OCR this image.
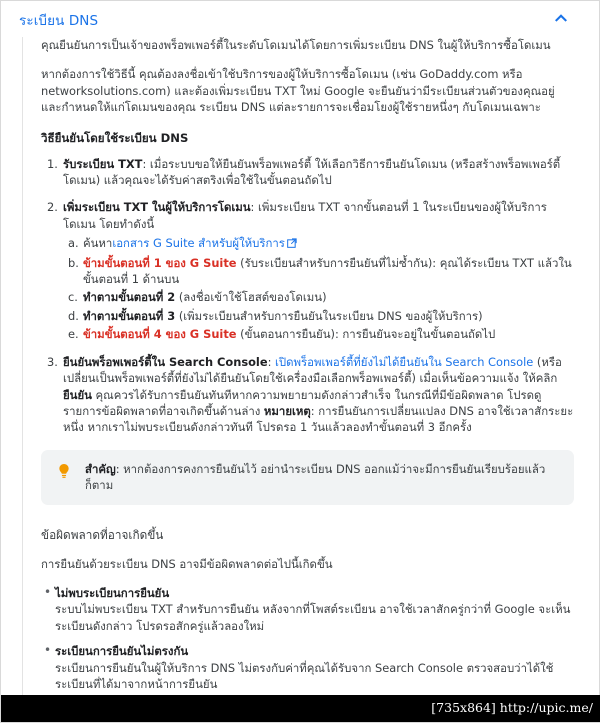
ระเบียน DNS

คุณยืนยันการเป็นเจ้าของพร็อพเพอร์ตี้ในระดับโดเมนได้โดยการเพิ่มระเบียน DNS ในผู้ให้บริการซื้อโดเมน

หากต้องการใช้วิธีนี้ คุณต้องลงชื่อเข้าใช้บริการของผู้ให้บริการซื้อโดเมน (เช่น GoDaddy.com หรือ networksolutions.com) และต้องเพิ่มระเบียน TXT ใหม่ Google จะยืนยันว่ามีระเบียนส่วนตัวของคุณอยู่และกำหนดให้แก่โดเมนของคุณ ระเบียน DNS แต่ละรายการจะเชื่อมโยงผู้ใช้รายหนึ่งๆ กับโดเมนเฉพาะ

วิธียืนยันโดยใช้ระเบียน DNS
รับระเบียน TXT: เมื่อระบบขอให้ยืนยันพร็อพเพอร์ตี้ ให้เลือกวิธีการยืนยันโดเมน (หรือสร้างพร็อพเพอร์ตี้โดเมน) แล้วคุณจะได้รับค่าสตริงเพื่อใช้ในขั้นตอนถัดไป
เพิ่มระเบียน TXT ในผู้ให้บริการโดเมน: เพิ่มระเบียน TXT จากขั้นตอนที่ 1 ในระเบียนของผู้ให้บริการโดเมน โดยทำดังนี้
ค้นหาเอกสาร G Suite สำหรับผู้ให้บริการ
ข้ามขั้นตอนที่ 1 ของ G Suite (รับระเบียนสำหรับการยืนยันที่ไม่ซ้ำกัน): คุณได้ระเบียน TXT แล้วในขั้นตอนที่ 1 ด้านบน
ทำตามขั้นตอนที่ 2 (ลงชื่อเข้าใช้โฮสต์ของโดเมน)
ทำตามขั้นตอนที่ 3 (เพิ่มระเบียนสำหรับการยืนยันในระเบียน DNS ของผู้ให้บริการ)
ข้ามขั้นตอนที่ 4 ของ G Suite (ขั้นตอนการยืนยัน): การยืนยันจะอยู่ในขั้นตอนถัดไป
ยืนยันพร็อพเพอร์ตี้ใน Search Console: เปิดพร็อพเพอร์ตี้ที่ยังไม่ได้ยืนยันใน Search Console (หรือเปลี่ยนเป็นพร็อพเพอร์ตี้ที่ยังไม่ได้ยืนยันโดยใช้เครื่องมือเลือกพร็อพเพอร์ตี้) เมื่อเห็นข้อความแจ้ง ให้คลิกยืนยัน คุณควรได้รับการยืนยันทันทีหากความพยายามดังกล่าวสำเร็จ ในกรณีที่มีข้อผิดพลาด โปรดดูรายการข้อผิดพลาดที่อาจเกิดขึ้นด้านล่าง หมายเหตุ: การยืนยันการเปลี่ยนแปลง DNS อาจใช้เวลาสักระยะหนึ่ง หากเราไม่พบระเบียนดังกล่าวทันที โปรดรอ 1 วันแล้วลองทำขั้นตอนที่ 3 อีกครั้ง
สำคัญ: หากต้องการคงการยืนยันไว้ อย่านำระเบียน DNS ออกแม้ว่าจะมีการยืนยันเรียบร้อยแล้วก็ตาม
ข้อผิดพลาดที่อาจเกิดขึ้น

การยืนยันด้วยระเบียน DNS อาจมีข้อผิดพลาดต่อไปนี้เกิดขึ้น

• ไม่พบระเบียนการยืนยัน
ระบบไม่พบระเบียน TXT สำหรับการยืนยัน หลังจากที่โพสต์ระเบียน อาจใช้เวลาสักครู่กว่าที่ Google จะเห็นระเบียนดังกล่าว โปรดรอสักครู่แล้วลองใหม่
• ระเบียนการยืนยันไม่ตรงกัน
ระเบียนการยืนยันในผู้ให้บริการ DNS ไม่ตรงกับค่าที่คุณได้รับจาก Search Console ตรวจสอบว่าได้ใช้ระเบียนที่ได้มาจากหน้าการยืนยัน
•
[735x864] http://upic.me/
